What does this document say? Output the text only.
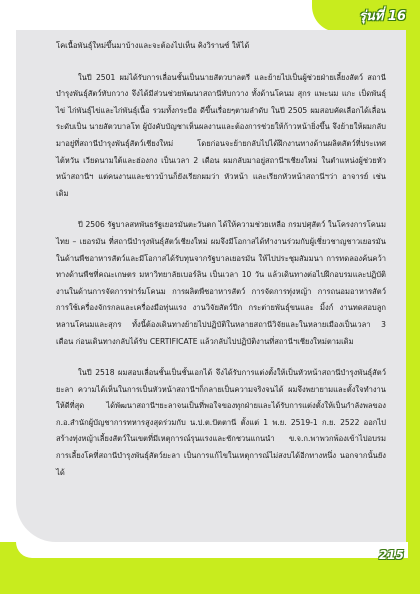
รุ่นที่ 16

โคเนื้อพันธุ์ใหม่ขึ้นมาบ้างและจะต้องไปเห็น คิงวิรานซ์ ให้ได้

ในปี 2501 ผมได้รับการเลื่อนชั้นเป็นนายสัตวบาลตรี และย้ายไปเป็นผู้ช่วยฝ่ายเลี้ยงสัตว์ สถานีบำรุงพันธุ์สัตว์ทับกวาง จึงได้มีส่วนช่วยพัฒนาสถานีทับกวาง ทั้งด้านโคนม สุกร แพะนม แกะ เป็ดพันธุ์ไข่ ไก่พันธุ์ไข่และไก่พันธุ์เนื้อ รวมทั้งกระบือ ดีขึ้นเรื่อยๆตามลำดับ ในปี 2505 ผมสอบคัดเลือกได้เลื่อนระดับเป็น นายสัตวบาลโท ผู้บังคับบัญชาเห็นผลงานและต้องการช่วยให้ก้าวหน้ายิ่งขึ้น จึงย้ายให้ผมกลับมาอยู่ที่สถานีบำรุงพันธุ์สัตว์เชียงใหม่ โดยก่อนจะย้ายกลับไปได้ฝึกงานทางด้านผลิตสัตว์ที่ประเทศไต้หวัน เวียดนามใต้และฮ่องกง เป็นเวลา 2 เดือน ผมกลับมาอยู่สถานีฯเชียงใหม่ ในตำแหน่งผู้ช่วยหัวหน้าสถานีฯ แต่คนงานและชาวบ้านก็ยังเรียกผมว่า หัวหน้า และเรียกหัวหน้าสถานีฯว่า อาจารย์ เช่นเดิม

ปี 2506 รัฐบาลสหพันธรัฐเยอรมันตะวันตก ได้ให้ความช่วยเหลือ กรมปศุสัตว์ ในโครงการโคนม ไทย – เยอรมัน ที่สถานีบำรุงพันธุ์สัตว์เชียงใหม่ ผมจึงมีโอกาสได้ทำงานร่วมกับผู้เชี่ยวชาญชาวเยอรมัน ในด้านพืชอาหารสัตว์และมีโอกาสได้รับทุนจากรัฐบาลเยอรมัน ให้ไปประชุมสัมมนา การทดลองค้นคว้าทางด้านพืชที่คณะเกษตร มหาวิทยาลัยเบอร์ลิน เป็นเวลา 10 วัน แล้วเดินทางต่อไปฝึกอบรมและปฏิบัติงานในด้านการจัดการฟาร์มโคนม การผลิตพืชอาหารสัตว์ การจัดการทุ่งหญ้า การถนอมอาหารสัตว์ การใช้เครื่องจักรกลและเครื่องมือทุ่นแรง งานวิจัยสัตว์ปีก กระต่ายพันธุ์ขนและ มิ้งก์ งานทดสอบลูกหลานโคนมและสุกร ทั้งนี้ต้องเดินทางย้ายไปปฏิบัติในหลายสถานีวิจัยและในหลายเมืองเป็นเวลา 3 เดือน ก่อนเดินทางกลับได้รับ CERTIFICATE แล้วกลับไปปฏิบัติงานที่สถานีฯเชียงใหม่ตามเดิม

ในปี 2518 ผมสอบเลื่อนชั้นเป็นชั้นเอกได้ จึงได้รับการแต่งตั้งให้เป็นหัวหน้าสถานีบำรุงพันธุ์สัตว์ยะลา ความได้เห็นในการเป็นหัวหน้าสถานีฯก็กลายเป็นความจริงจนได้ ผมจึงพยายามและตั้งใจทำงานให้ดีที่สุด ได้พัฒนาสถานีฯยะลาจนเป็นที่พอใจของทุกฝ่ายและได้รับการแต่งตั้งให้เป็นกำลังพลของ ก.อ.สำนักผู้บัญชาการทหารสูงสุดร่วมกับ น.ป.ต.ปัตตานี ตั้งแต่ 1 พ.ย. 2519-1 ก.ย. 2522 ออกไปสร้างทุ่งหญ้าเลี้ยงสัตว์ในเขตที่มีเหตุการณ์รุนแรงและชักชวนแกนนำ ข.จ.ก.พาพวกพ้องเข้าไปอบรมการเลี้ยงโคที่สถานีบำรุงพันธุ์สัตว์ยะลา เป็นการแก้ไขในเหตุการณ์ไม่สงบได้อีกทางหนึ่ง นอกจากนั้นยังได้

215
